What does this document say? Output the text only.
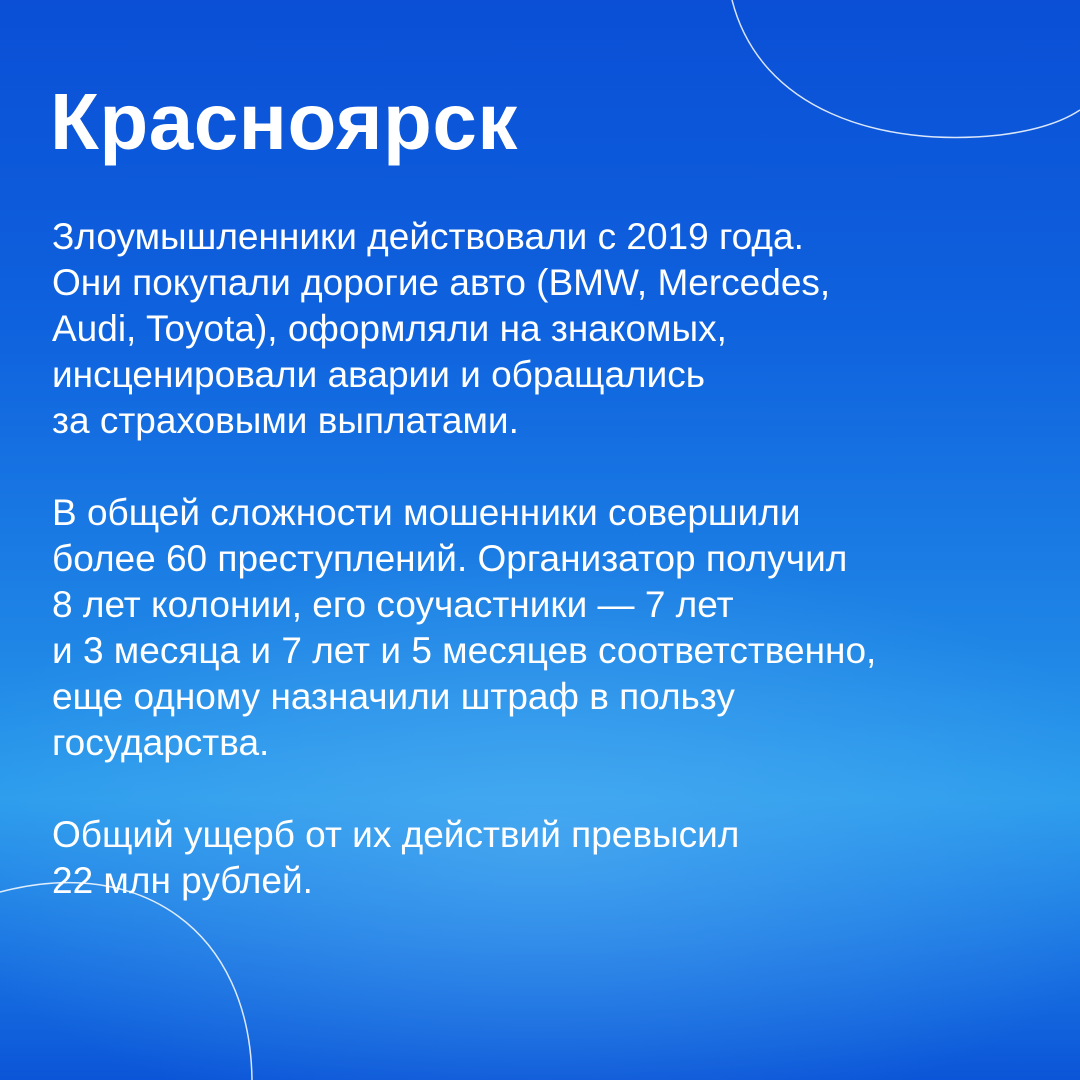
Красноярск

Злоумышленники действовали с 2019 года.
Они покупали дорогие авто (BMW, Mercedes,
Audi, Toyota), оформляли на знакомых,
инсценировали аварии и обращались
за страховыми выплатами.

В общей сложности мошенники совершили
более 60 преступлений. Организатор получил
8 лет колонии, его соучастники — 7 лет
и 3 месяца и 7 лет и 5 месяцев соответственно,
еще одному назначили штраф в пользу
государства.

Общий ущерб от их действий превысил
22 млн рублей.
